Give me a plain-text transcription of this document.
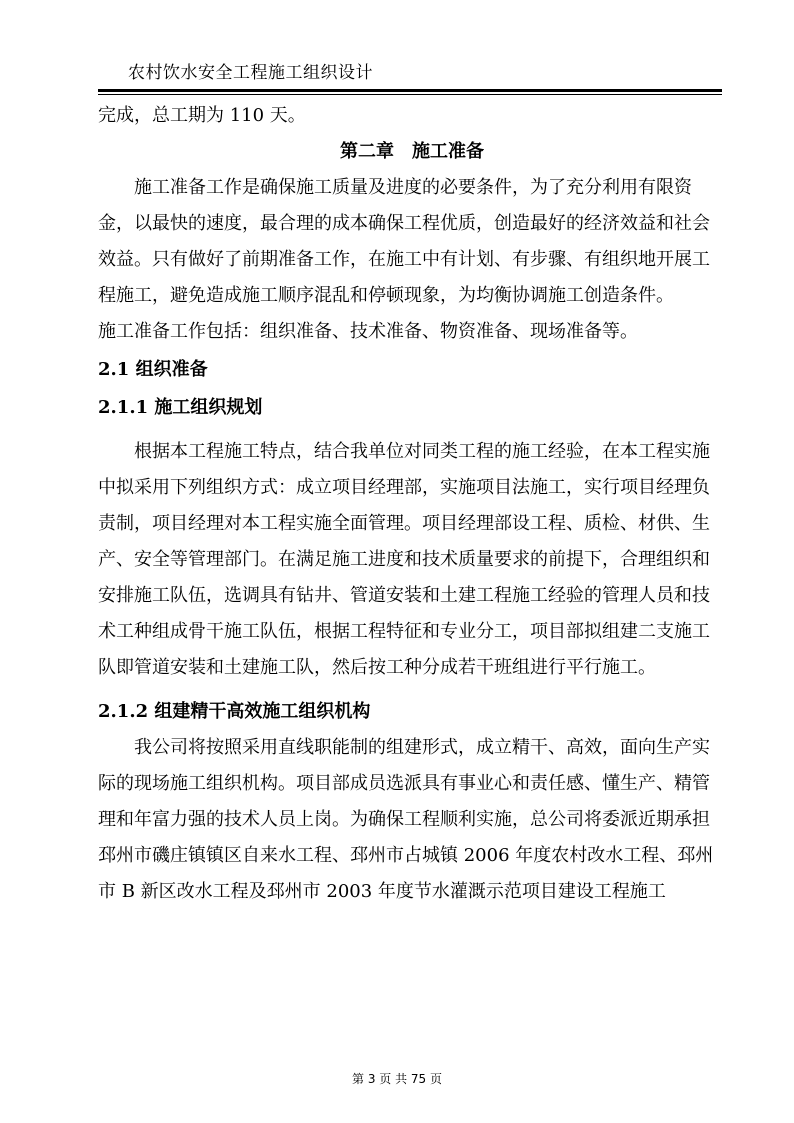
农村饮水安全工程施工组织设计

完成，总工期为 110 天。

第二章　施工准备

施工准备工作是确保施工质量及进度的必要条件，为了充分利用有限资金，以最快的速度，最合理的成本确保工程优质，创造最好的经济效益和社会效益。只有做好了前期准备工作，在施工中有计划、有步骤、有组织地开展工程施工，避免造成施工顺序混乱和停顿现象，为均衡协调施工创造条件。

施工准备工作包括：组织准备、技术准备、物资准备、现场准备等。

2.1 组织准备

2.1.1 施工组织规划

根据本工程施工特点，结合我单位对同类工程的施工经验，在本工程实施中拟采用下列组织方式：成立项目经理部，实施项目法施工，实行项目经理负责制，项目经理对本工程实施全面管理。项目经理部设工程、质检、材供、生产、安全等管理部门。在满足施工进度和技术质量要求的前提下，合理组织和安排施工队伍，选调具有钻井、管道安装和土建工程施工经验的管理人员和技术工种组成骨干施工队伍，根据工程特征和专业分工，项目部拟组建二支施工队即管道安装和土建施工队，然后按工种分成若干班组进行平行施工。

2.1.2 组建精干高效施工组织机构

我公司将按照采用直线职能制的组建形式，成立精干、高效，面向生产实际的现场施工组织机构。项目部成员选派具有事业心和责任感、懂生产、精管理和年富力强的技术人员上岗。为确保工程顺利实施，总公司将委派近期承担邳州市磯庄镇镇区自来水工程、邳州市占城镇 2006 年度农村改水工程、邳州市 B 新区改水工程及邳州市 2003 年度节水灌溉示范项目建设工程施工

第 3 页 共 75 页
